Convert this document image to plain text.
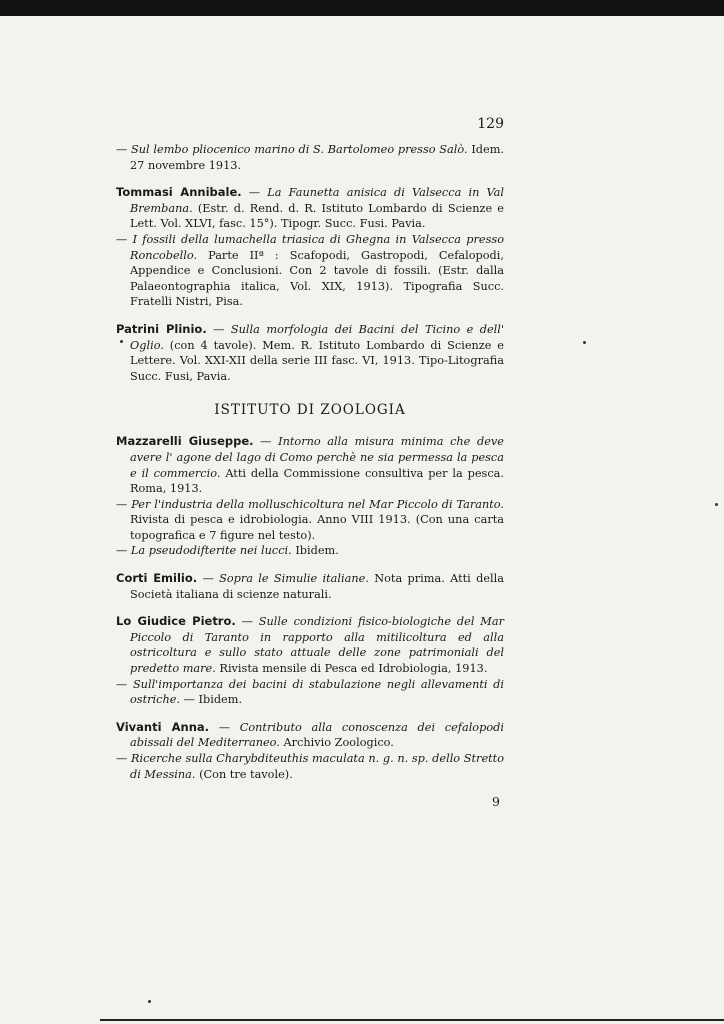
129

— Sul lembo pliocenico marino di S. Bartolomeo presso Salò. Idem. 27 novembre 1913.

Tommasi Annibale. — La Faunetta anisica di Valsecca in Val Brembana. (Estr. d. Rend. d. R. Istituto Lombardo di Scienze e Lett. Vol. XLVI, fasc. 15°). Tipogr. Succ. Fusi. Pavia.

— I fossili della lumachella triasica di Ghegna in Valsecca presso Roncobello. Parte IIª : Scafopodi, Gastropodi, Cefalopodi, Appendice e Conclusioni. Con 2 tavole di fossili. (Estr. dalla Palaeontographia italica, Vol. XIX, 1913). Tipografia Succ. Fratelli Nistri, Pisa.

Patrini Plinio. — Sulla morfologia dei Bacini del Ticino e dell' Oglio. (con 4 tavole). Mem. R. Istituto Lombardo di Scienze e Lettere. Vol. XXI-XII della serie III fasc. VI, 1913. Tipo-Litografia Succ. Fusi, Pavia.

ISTITUTO DI ZOOLOGIA

Mazzarelli Giuseppe. — Intorno alla misura minima che deve avere l' agone del lago di Como perchè ne sia permessa la pesca e il commercio. Atti della Commissione consultiva per la pesca. Roma, 1913.

— Per l'industria della molluschicoltura nel Mar Piccolo di Taranto. Rivista di pesca e idrobiologia. Anno VIII 1913. (Con una carta topografica e 7 figure nel testo).

— La pseudodifterite nei lucci. Ibidem.

Corti Emilio. — Sopra le Simulie italiane. Nota prima. Atti della Società italiana di scienze naturali.

Lo Giudice Pietro. — Sulle condizioni fisico-biologiche del Mar Piccolo di Taranto in rapporto alla mitilicoltura ed alla ostricoltura e sullo stato attuale delle zone patrimoniali del predetto mare. Rivista mensile di Pesca ed Idrobiologia, 1913.

— Sull'importanza dei bacini di stabulazione negli allevamenti di ostriche. — Ibidem.

Vivanti Anna. — Contributo alla conoscenza dei cefalopodi abissali del Mediterraneo. Archivio Zoologico.

— Ricerche sulla Charybditeuthis maculata n. g. n. sp. dello Stretto di Messina. (Con tre tavole).

9
